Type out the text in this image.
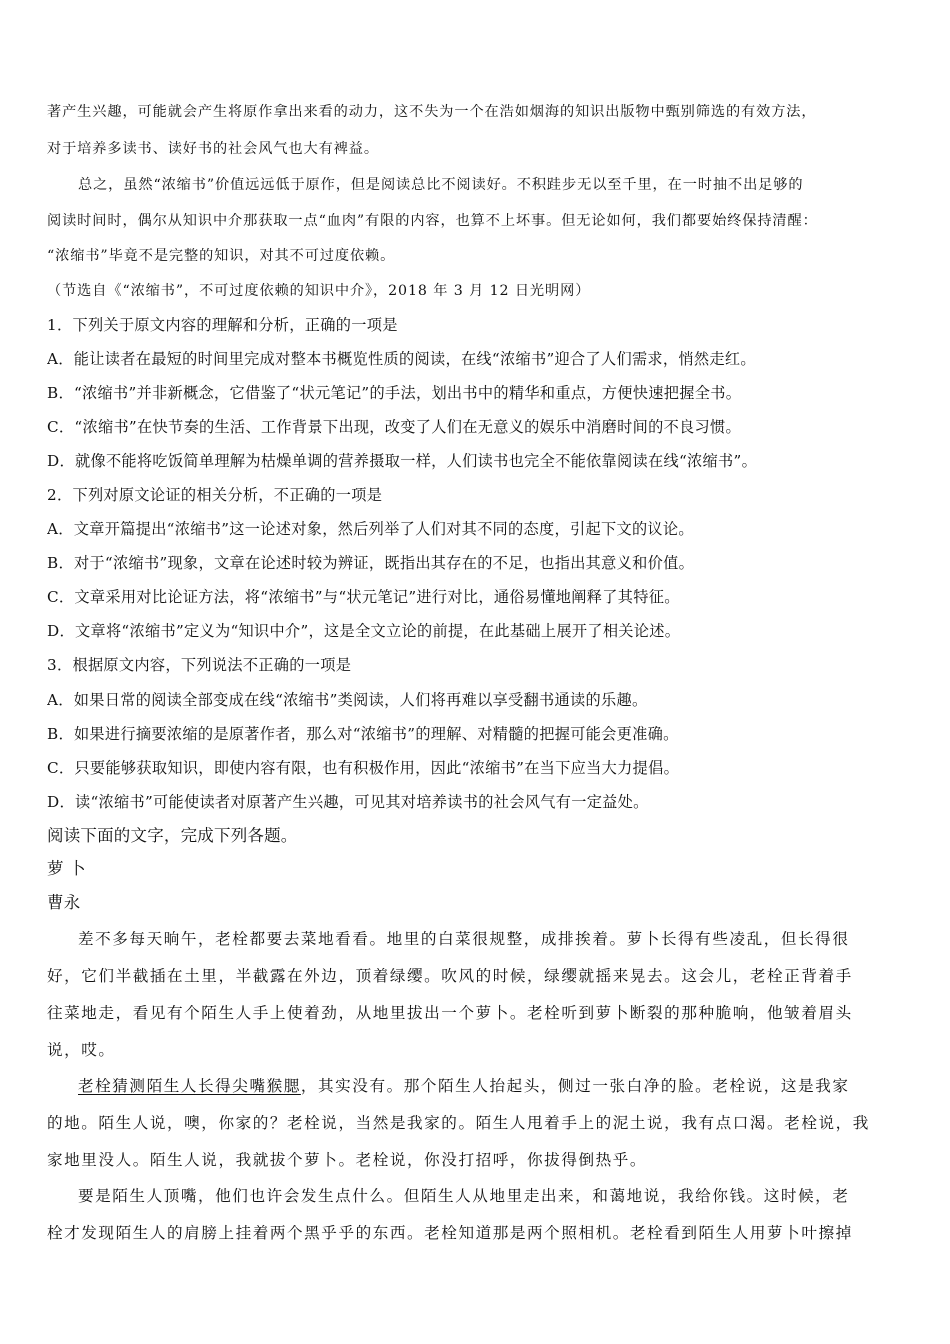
著产生兴趣，可能就会产生将原作拿出来看的动力，这不失为一个在浩如烟海的知识出版物中甄别筛选的有效方法，
对于培养多读书、读好书的社会风气也大有裨益。
总之，虽然“浓缩书”价值远远低于原作，但是阅读总比不阅读好。不积跬步无以至千里，在一时抽不出足够的
阅读时间时，偶尔从知识中介那获取一点“血肉”有限的内容，也算不上坏事。但无论如何，我们都要始终保持清醒：
“浓缩书”毕竟不是完整的知识，对其不可过度依赖。
（节选自《“浓缩书”，不可过度依赖的知识中介》，2018 年 3 月 12 日光明网）
1．下列关于原文内容的理解和分析，正确的一项是
A．能让读者在最短的时间里完成对整本书概览性质的阅读，在线“浓缩书”迎合了人们需求，悄然走红。
B．“浓缩书”并非新概念，它借鉴了“状元笔记”的手法，划出书中的精华和重点，方便快速把握全书。
C．“浓缩书”在快节奏的生活、工作背景下出现，改变了人们在无意义的娱乐中消磨时间的不良习惯。
D．就像不能将吃饭简单理解为枯燥单调的营养摄取一样，人们读书也完全不能依靠阅读在线“浓缩书”。
2．下列对原文论证的相关分析，不正确的一项是
A．文章开篇提出“浓缩书”这一论述对象，然后列举了人们对其不同的态度，引起下文的议论。
B．对于“浓缩书”现象，文章在论述时较为辨证，既指出其存在的不足，也指出其意义和价值。
C．文章采用对比论证方法，将“浓缩书”与“状元笔记”进行对比，通俗易懂地阐释了其特征。
D．文章将“浓缩书”定义为“知识中介”，这是全文立论的前提，在此基础上展开了相关论述。
3．根据原文内容，下列说法不正确的一项是
A．如果日常的阅读全部变成在线“浓缩书”类阅读，人们将再难以享受翻书通读的乐趣。
B．如果进行摘要浓缩的是原著作者，那么对“浓缩书”的理解、对精髓的把握可能会更准确。
C．只要能够获取知识，即使内容有限，也有积极作用，因此“浓缩书”在当下应当大力提倡。
D．读“浓缩书”可能使读者对原著产生兴趣，可见其对培养读书的社会风气有一定益处。
阅读下面的文字，完成下列各题。
萝 卜
曹永
差不多每天晌午，老栓都要去菜地看看。地里的白菜很规整，成排挨着。萝卜长得有些凌乱，但长得很
好，它们半截插在土里，半截露在外边，顶着绿缨。吹风的时候，绿缨就摇来晃去。这会儿，老栓正背着手
往菜地走，看见有个陌生人手上使着劲，从地里拔出一个萝卜。老栓听到萝卜断裂的那种脆响，他皱着眉头
说，哎。
老栓猜测陌生人长得尖嘴猴腮，其实没有。那个陌生人抬起头，侧过一张白净的脸。老栓说，这是我家
的地。陌生人说，噢，你家的？老栓说，当然是我家的。陌生人甩着手上的泥土说，我有点口渴。老栓说，我
家地里没人。陌生人说，我就拔个萝卜。老栓说，你没打招呼，你拔得倒热乎。
要是陌生人顶嘴，他们也许会发生点什么。但陌生人从地里走出来，和蔼地说，我给你钱。这时候，老
栓才发现陌生人的肩膀上挂着两个黑乎乎的东西。老栓知道那是两个照相机。老栓看到陌生人用萝卜叶擦掉
